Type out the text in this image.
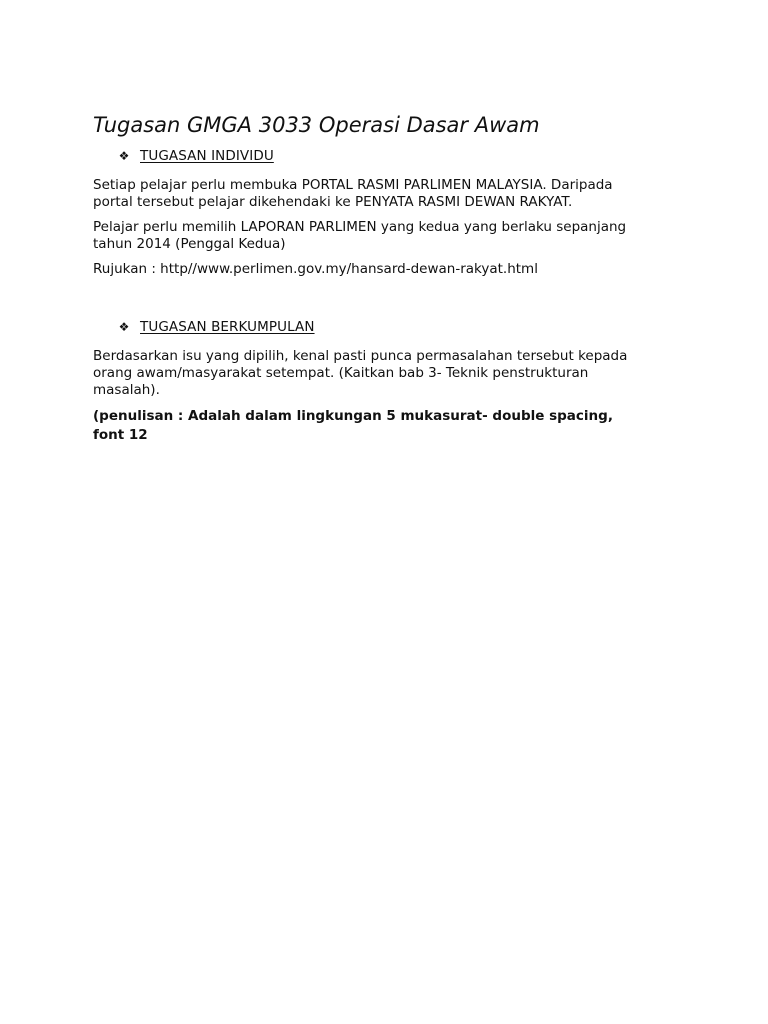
Tugasan GMGA 3033 Operasi Dasar Awam
❖ TUGASAN INDIVIDU

Setiap pelajar perlu membuka PORTAL RASMI PARLIMEN MALAYSIA. Daripada
portal tersebut pelajar dikehendaki ke PENYATA RASMI DEWAN RAKYAT.

Pelajar perlu memilih LAPORAN PARLIMEN yang kedua yang berlaku sepanjang
tahun 2014 (Penggal Kedua)

Rujukan : http//www.perlimen.gov.my/hansard-dewan-rakyat.html

❖ TUGASAN BERKUMPULAN

Berdasarkan isu yang dipilih, kenal pasti punca permasalahan tersebut kepada
orang awam/masyarakat setempat. (Kaitkan bab 3- Teknik penstrukturan
masalah).

(penulisan : Adalah dalam lingkungan 5 mukasurat- double spacing,
font 12
